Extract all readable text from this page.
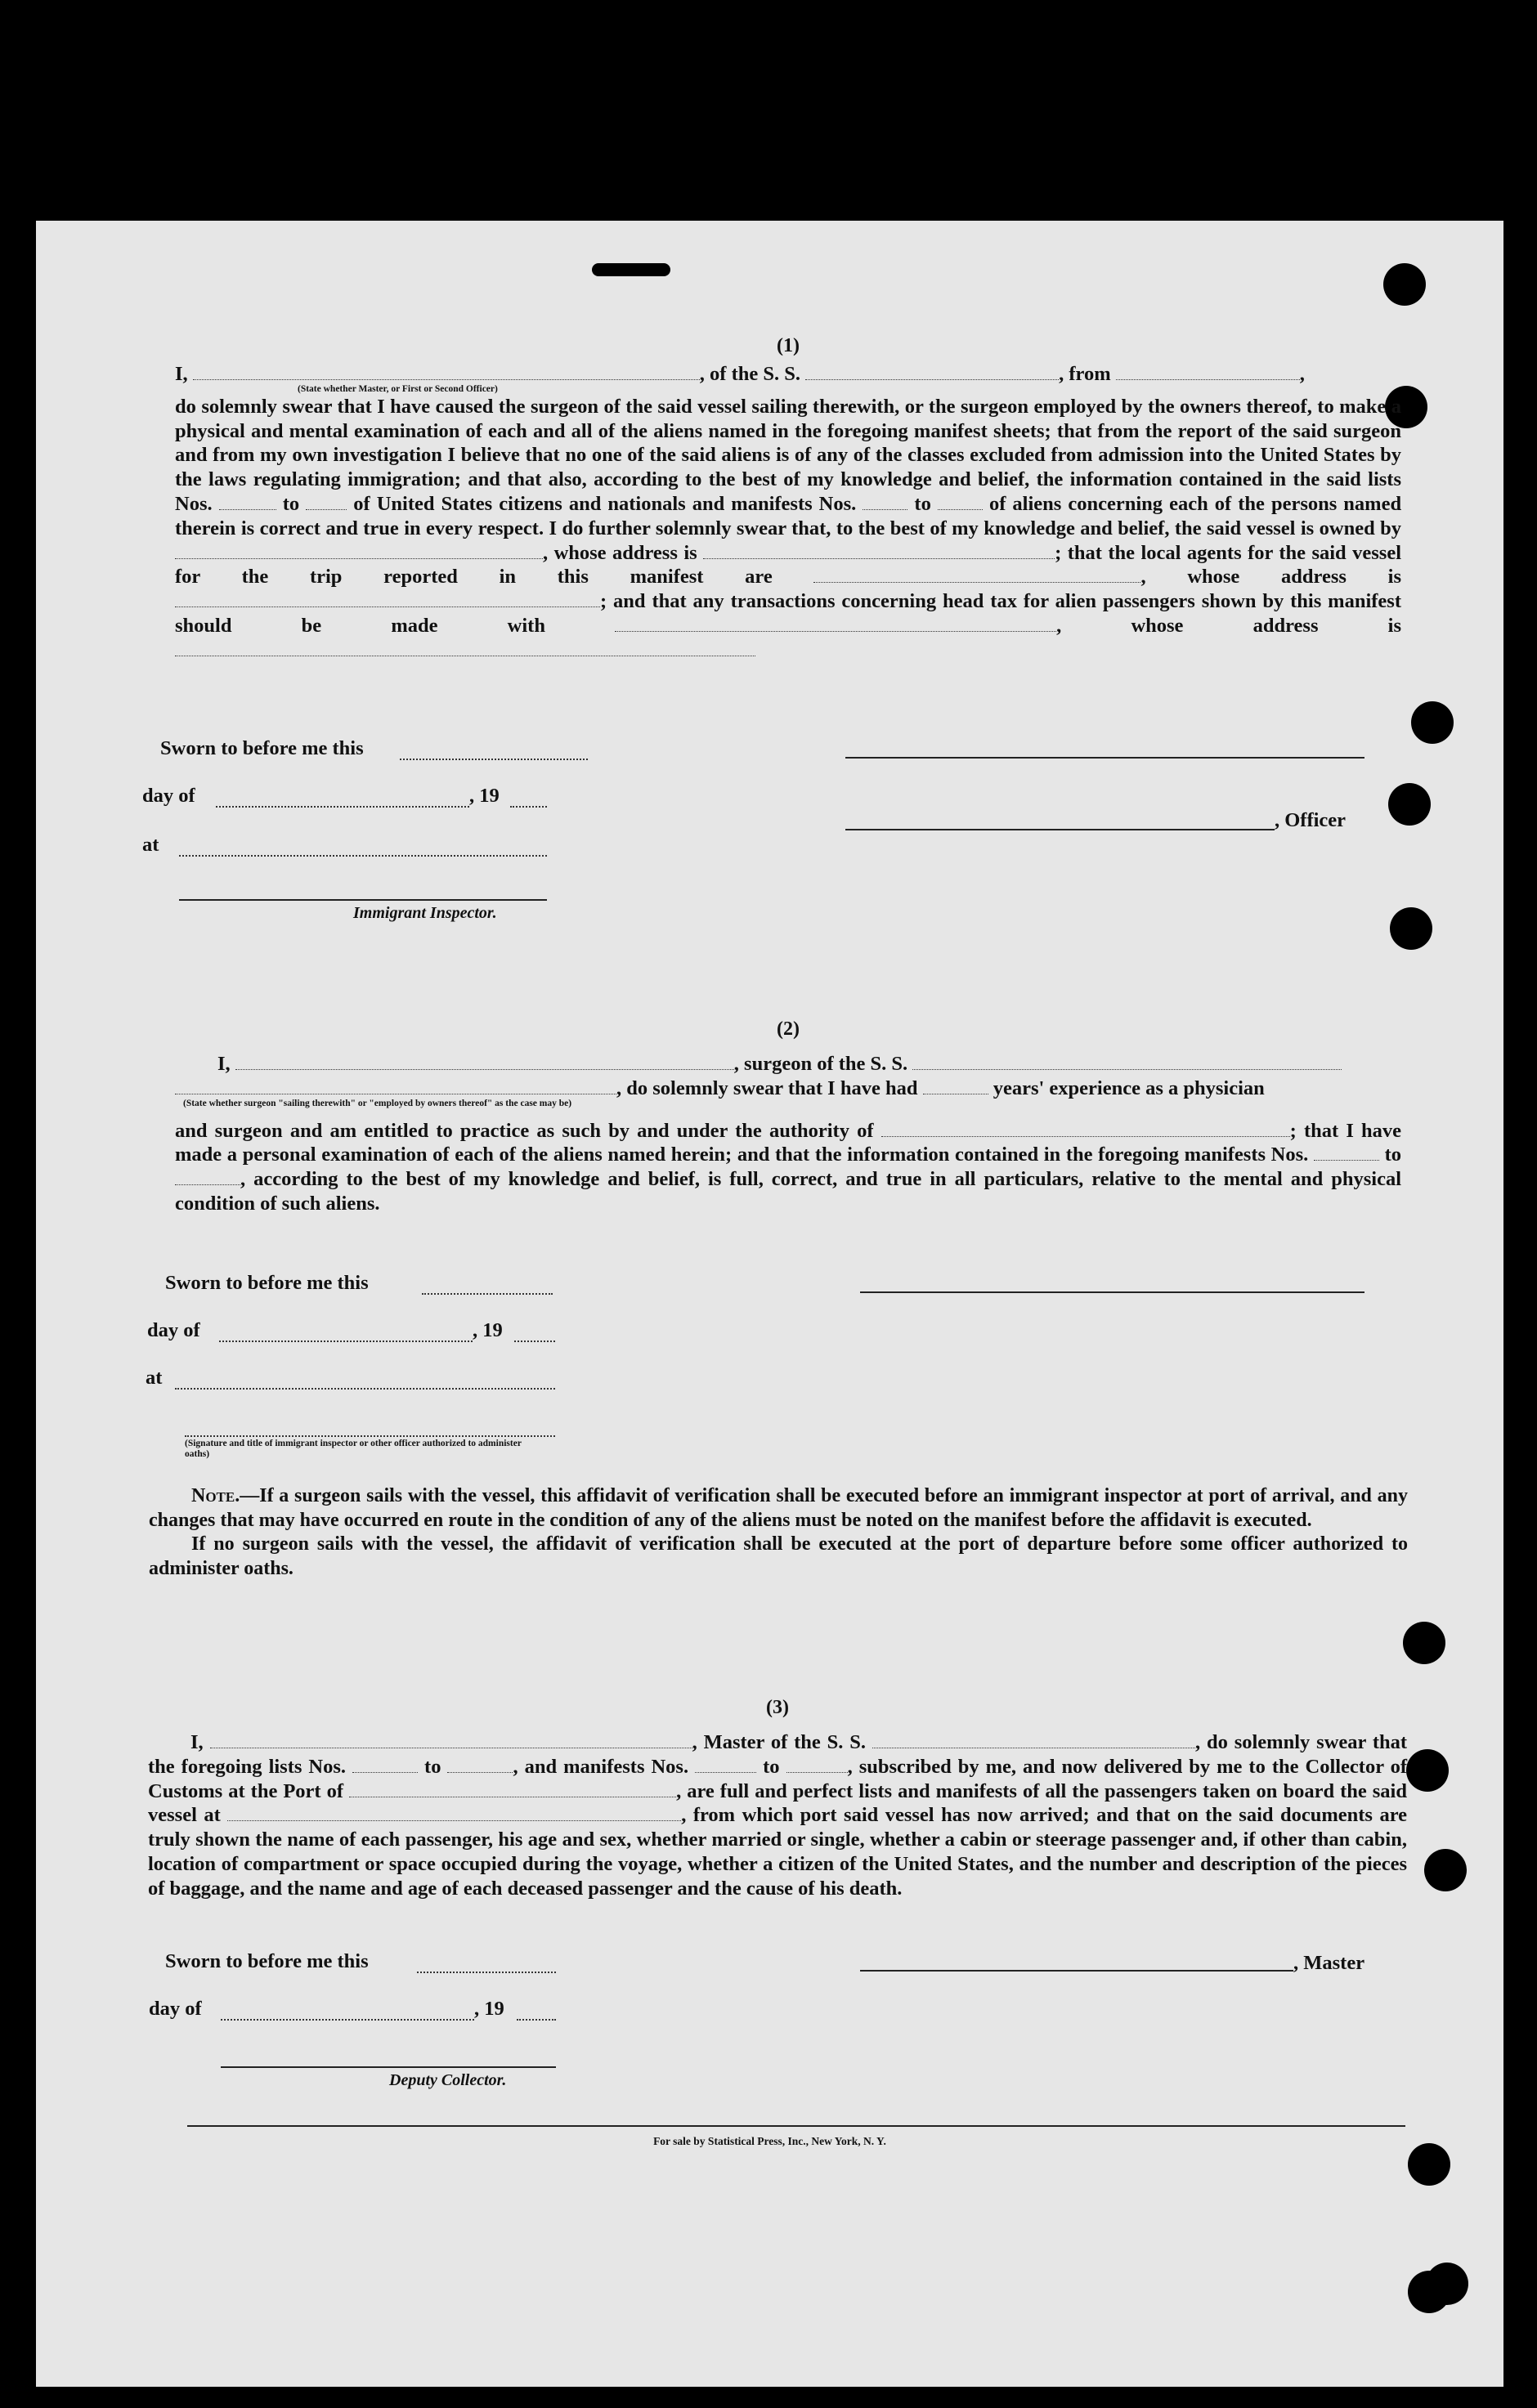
(1)
I,	, of the S. S.	, from	,
(State whether Master, or First or Second Officer)
do solemnly swear that I have caused the surgeon of the said vessel sailing therewith, or the surgeon employed by the owners thereof, to make a physical and mental examination of each and all of the aliens named in the foregoing manifest sheets; that from the report of the said surgeon and from my own investigation I believe that no one of the said aliens is of any of the classes excluded from admission into the United States by the laws regulating immigration; and that also, according to the best of my knowledge and belief, the information contained in the said lists Nos.	to	of United States citizens and nationals and manifests Nos.	to	of aliens concerning each of the persons named therein is correct and true in every respect. I do further solemnly swear that, to the best of my knowledge and belief, the said vessel is owned by , whose address is	; that the local agents for the said vessel for the trip reported in this manifest are	, whose address is ; and that any transactions concerning head tax for alien passengers shown by this manifest should be made with	, whose address is
Sworn to before me this
day of	, 19
, Officer
at
Immigrant Inspector.
(2)
I,	, surgeon of the S. S.
, do solemnly swear that I have had	years' experience as a physician
(State whether surgeon "sailing therewith" or "employed by owners thereof" as the case may be)
and surgeon and am entitled to practice as such by and under the authority of	; that I have made a personal examination of each of the aliens named herein; and that the information contained in the foregoing manifests Nos.	to , according to the best of my knowledge and belief, is full, correct, and true in all particulars, relative to the mental and physical condition of such aliens.
Sworn to before me this
day of	, 19
at
(Signature and title of immigrant inspector or other officer authorized to administer oaths)

Note.—If a surgeon sails with the vessel, this affidavit of verification shall be executed before an immigrant inspector at port of arrival, and any changes that may have occurred en route in the condition of any of the aliens must be noted on the manifest before the affidavit is executed.

If no surgeon sails with the vessel, the affidavit of verification shall be executed at the port of departure before some officer authorized to administer oaths.

(3)
I,	, Master of the S. S.	, do solemnly swear that the foregoing lists Nos.	to	, and manifests Nos.	to	, subscribed by me, and now delivered by me to the Collector of Customs at the Port of	, are full and perfect lists and manifests of all the passengers taken on board the said vessel at	, from which port said vessel has now arrived; and that on the said documents are truly shown the name of each passenger, his age and sex, whether married or single, whether a cabin or steerage passenger and, if other than cabin, location of compartment or space occupied during the voyage, whether a citizen of the United States, and the number and description of the pieces of baggage, and the name and age of each deceased passenger and the cause of his death.
Sworn to before me this	, Master
day of	, 19
Deputy Collector.
For sale by Statistical Press, Inc., New York, N. Y.
